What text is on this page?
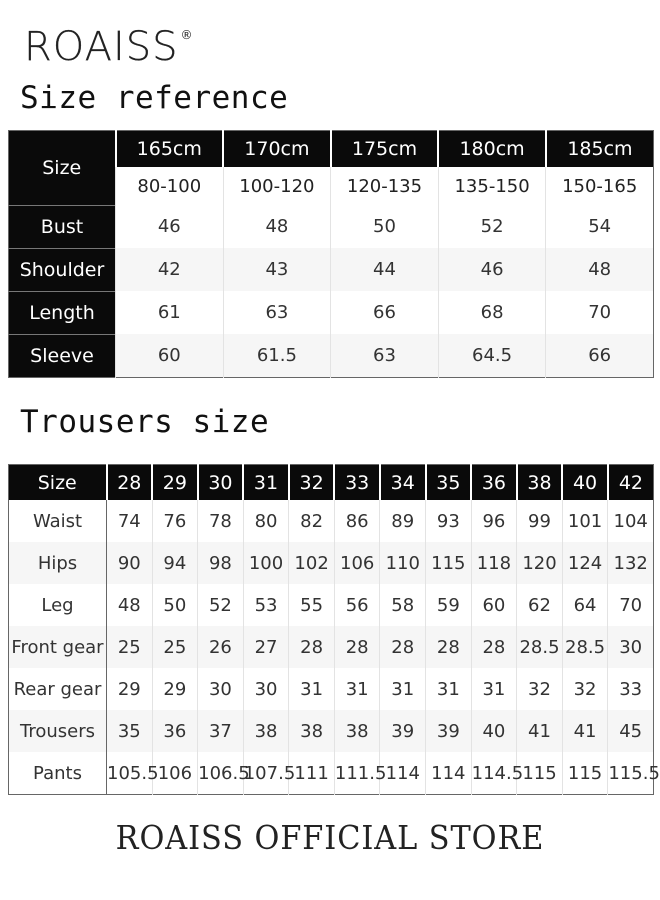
ROAISS ®
Size reference
Size	165cm	170cm	175cm	180cm	185cm
	80-100	100-120	120-135	135-150	150-165
Bust	46	48	50	52	54
Shoulder	42	43	44	46	48
Length	61	63	66	68	70
Sleeve	60	61.5	63	64.5	66
Trousers size
Size	28	29	30	31	32	33	34	35	36	38	40	42
Waist	74	76	78	80	82	86	89	93	96	99	101	104
Hips	90	94	98	100	102	106	110	115	118	120	124	132
Leg	48	50	52	53	55	56	58	59	60	62	64	70
Front gear	25	25	26	27	28	28	28	28	28	28.5	28.5	30
Rear gear	29	29	30	30	31	31	31	31	31	32	32	33
Trousers	35	36	37	38	38	38	39	39	40	41	41	45
Pants	105.5	106	106.5	107.5	111	111.5	114	114	114.5	115	115	115.5
ROAISS OFFICIAL STORE
